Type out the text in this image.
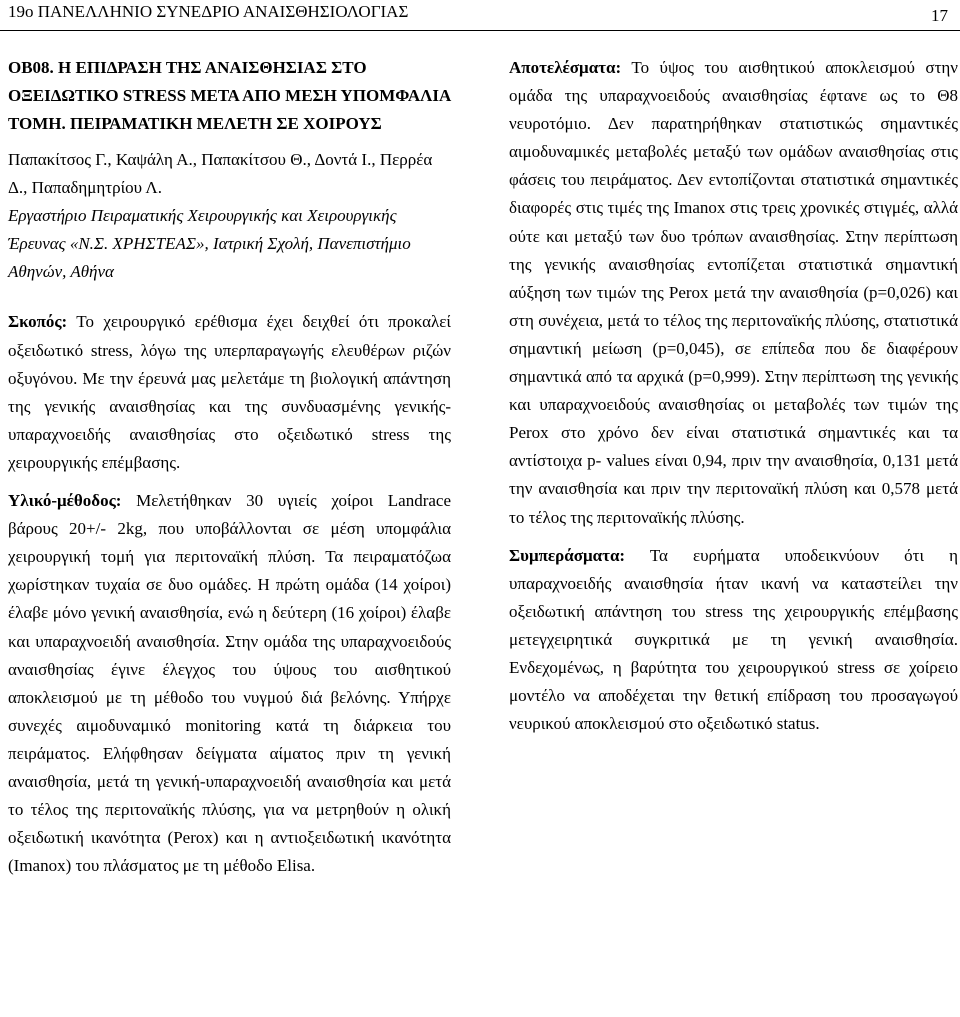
19ο ΠΑΝΕΛΛΗΝΙΟ ΣΥΝΕΔΡΙΟ ΑΝΑΙΣΘΗΣΙΟΛΟΓΙΑΣ	17

ΟΒ08. Η ΕΠΙΔΡΑΣΗ ΤΗΣ ΑΝΑΙΣΘΗΣΙΑΣ ΣΤΟ ΟΞΕΙΔΩΤΙΚΟ STRESS ΜΕΤΑ ΑΠΟ ΜΕΣΗ ΥΠΟΜΦΑΛΙΑ ΤΟΜΗ. ΠΕΙΡΑΜΑΤΙΚΗ ΜΕΛΕΤΗ ΣΕ ΧΟΙΡΟΥΣ

Παπακίτσος Γ., Καψάλη Α., Παπακίτσου Θ., Δοντά Ι., Περρέα Δ., Παπαδημητρίου Λ.

Εργαστήριο Πειραματικής Χειρουργικής και Χειρουργικής Έρευνας «Ν.Σ. ΧΡΗΣΤΕΑΣ», Ιατρική Σχολή, Πανεπιστήμιο Αθηνών, Αθήνα

Σκοπός: Το χειρουργικό ερέθισμα έχει δειχθεί ότι προκαλεί οξειδωτικό stress, λόγω της υπερπαραγωγής ελευθέρων ριζών οξυγόνου. Με την έρευνά μας μελετάμε τη βιολογική απάντηση της γενικής αναισθησίας και της συνδυασμένης γενικής-υπαραχνοειδής αναισθησίας στο οξειδωτικό stress της χειρουργικής επέμβασης.

Υλικό-μέθοδος: Μελετήθηκαν 30 υγιείς χοίροι Landrace βάρους 20+/- 2kg, που υποβάλλονται σε μέση υπομφάλια χειρουργική τομή για περιτοναϊκή πλύση. Τα πειραματόζωα χωρίστηκαν τυχαία σε δυο ομάδες. Η πρώτη ομάδα (14 χοίροι) έλαβε μόνο γενική αναισθησία, ενώ η δεύτερη (16 χοίροι) έλαβε και υπαραχνοειδή αναισθησία. Στην ομάδα της υπαραχνοειδούς αναισθησίας έγινε έλεγχος του ύψους του αισθητικού αποκλεισμού με τη μέθοδο του νυγμού διά βελόνης. Υπήρχε συνεχές αιμοδυναμικό monitoring κατά τη διάρκεια του πειράματος. Ελήφθησαν δείγματα αίματος πριν τη γενική αναισθησία, μετά τη γενική-υπαραχνοειδή αναισθησία και μετά το τέλος της περιτοναϊκής πλύσης, για να μετρηθούν η ολική οξειδωτική ικανότητα (Perox) και η αντιοξειδωτική ικανότητα (Imanox) του πλάσματος με τη μέθοδο Elisa.

Αποτελέσματα: Το ύψος του αισθητικού αποκλεισμού στην ομάδα της υπαραχνοειδούς αναισθησίας έφτανε ως το Θ8 νευροτόμιο. Δεν παρατηρήθηκαν στατιστικώς σημαντικές αιμοδυναμικές μεταβολές μεταξύ των ομάδων αναισθησίας στις φάσεις του πειράματος. Δεν εντοπίζονται στατιστικά σημαντικές διαφορές στις τιμές της Imanox στις τρεις χρονικές στιγμές, αλλά ούτε και μεταξύ των δυο τρόπων αναισθησίας. Στην περίπτωση της γενικής αναισθησίας εντοπίζεται στατιστικά σημαντική αύξηση των τιμών της Perox μετά την αναισθησία (p=0,026) και στη συνέχεια, μετά το τέλος της περιτοναϊκής πλύσης, στατιστικά σημαντική μείωση (p=0,045), σε επίπεδα που δε διαφέρουν σημαντικά από τα αρχικά (p=0,999). Στην περίπτωση της γενικής και υπαραχνοειδούς αναισθησίας οι μεταβολές των τιμών της Perox στο χρόνο δεν είναι στατιστικά σημαντικές και τα αντίστοιχα p- values είναι 0,94, πριν την αναισθησία, 0,131 μετά την αναισθησία και πριν την περιτοναϊκή πλύση και 0,578 μετά το τέλος της περιτοναϊκής πλύσης.

Συμπεράσματα: Τα ευρήματα υποδεικνύουν ότι η υπαραχνοειδής αναισθησία ήταν ικανή να καταστείλει την οξειδωτική απάντηση του stress της χειρουργικής επέμβασης μετεγχειρητικά συγκριτικά με τη γενική αναισθησία. Ενδεχομένως, η βαρύτητα του χειρουργικού stress σε χοίρειο μοντέλο να αποδέχεται την θετική επίδραση του προσαγωγού νευρικού αποκλεισμού στο οξειδωτικό status.
